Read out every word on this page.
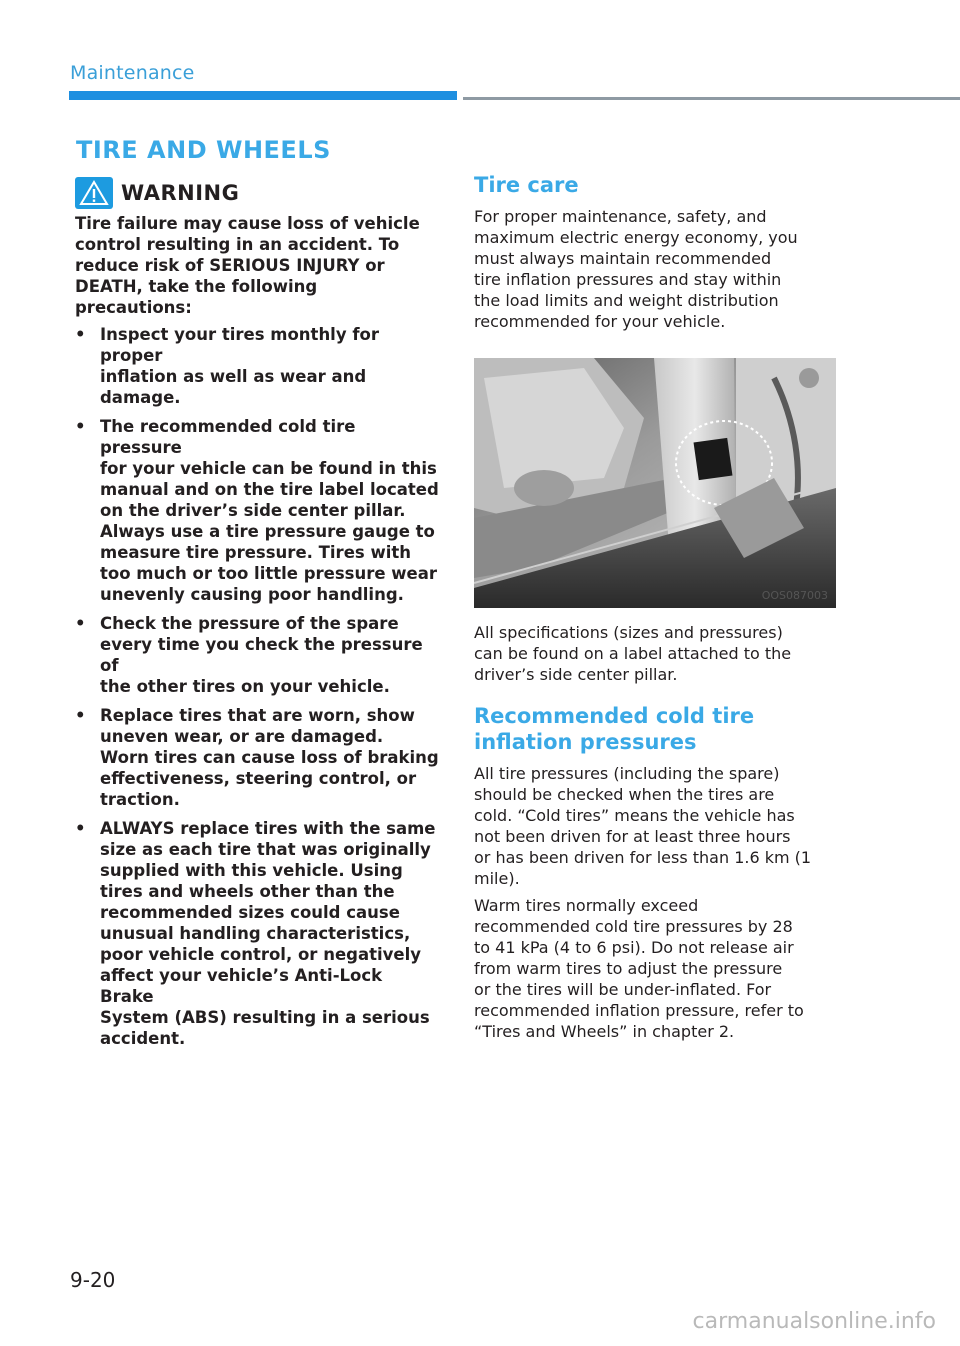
Maintenance
TIRE AND WHEELS
WARNING

Tire failure may cause loss of vehicle control resulting in an accident. To reduce risk of SERIOUS INJURY or DEATH, take the following precautions:

• Inspect your tires monthly for proper
inflation as well as wear and damage.
• The recommended cold tire pressure
for your vehicle can be found in this
manual and on the tire label located
on the driver’s side center pillar.
Always use a tire pressure gauge to
measure tire pressure. Tires with
too much or too little pressure wear
unevenly causing poor handling.
• Check the pressure of the spare
every time you check the pressure of
the other tires on your vehicle.
• Replace tires that are worn, show
uneven wear, or are damaged.
Worn tires can cause loss of braking
effectiveness, steering control, or
traction.
• ALWAYS replace tires with the same
size as each tire that was originally
supplied with this vehicle. Using
tires and wheels other than the
recommended sizes could cause
unusual handling characteristics,
poor vehicle control, or negatively
affect your vehicle’s Anti-Lock Brake
System (ABS) resulting in a serious
accident.
Tire care

For proper maintenance, safety, and
maximum electric energy economy, you
must always maintain recommended
tire inflation pressures and stay within
the load limits and weight distribution
recommended for your vehicle.

OOS087003

All specifications (sizes and pressures)
can be found on a label attached to the
driver’s side center pillar.

Recommended cold tire inflation pressures

All tire pressures (including the spare)
should be checked when the tires are
cold. “Cold tires” means the vehicle has
not been driven for at least three hours
or has been driven for less than 1.6 km (1
mile).

Warm tires normally exceed
recommended cold tire pressures by 28
to 41 kPa (4 to 6 psi). Do not release air
from warm tires to adjust the pressure
or the tires will be under-inflated. For
recommended inflation pressure, refer to
“Tires and Wheels” in chapter 2.

9-20
carmanualsonline.info
